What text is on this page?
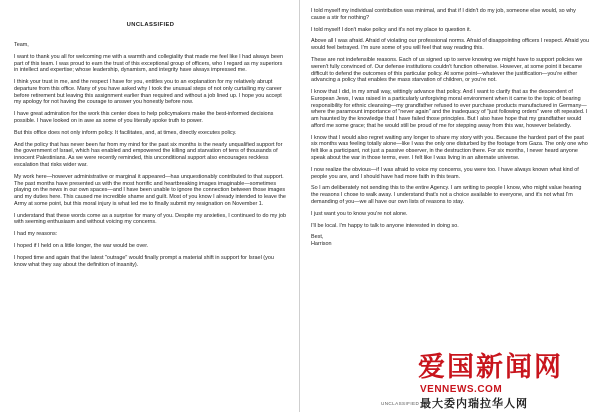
UNCLASSIFIED

Team,

I want to thank you all for welcoming me with a warmth and collegiality that made me feel like I had always been part of this team. I was proud to earn the trust of this exceptional group of officers, who I regard as my superiors in intellect and expertise; whose leadership, dynamism, and integrity have always impressed me.

I think your trust in me, and the respect I have for you, entitles you to an explanation for my relatively abrupt departure from this office. Many of you have asked why I took the unusual steps of not only curtailing my career before retirement but leaving this assignment earlier than required and without a job lined up. I hope you accept my apology for not having the courage to answer you honestly before now.

I have great admiration for the work this center does to help policymakers make the best-informed decisions possible. I have looked on in awe as some of you literally spoke truth to power.

But this office does not only inform policy. It facilitates, and, at times, directly executes policy.

And the policy that has never been far from my mind for the past six months is the nearly unqualified support for the government of Israel, which has enabled and empowered the killing and starvation of tens of thousands of innocent Palestinians. As we were recently reminded, this unconditional support also encourages reckless escalation that risks wider war.

My work here—however administrative or marginal it appeared—has unquestionably contributed to that support. The past months have presented us with the most horrific and heartbreaking images imaginable—sometimes playing on the news in our own spaces—and I have been unable to ignore the connection between those images and my duties here. This caused me incredible shame and guilt. Most of you know I already intended to leave the Army at some point, but this moral injury is what led me to finally submit my resignation on November 1.

I understand that these words come as a surprise for many of you. Despite my anxieties, I continued to do my job with seeming enthusiasm and without voicing my concerns.

I had my reasons:

I hoped if I held on a little longer, the war would be over.

I hoped time and again that the latest "outrage" would finally prompt a material shift in support for Israel (you know what they say about the definition of insanity).

I told myself my individual contribution was minimal, and that if I didn't do my job, someone else would, so why cause a stir for nothing?

I told myself I don't make policy and it's not my place to question it.

Above all I was afraid. Afraid of violating our professional norms. Afraid of disappointing officers I respect. Afraid you would feel betrayed. I'm sure some of you will feel that way reading this.

These are not indefensible reasons. Each of us signed up to serve knowing we might have to support policies we weren't fully convinced of. Our defense institutions couldn't function otherwise. However, at some point it became difficult to defend the outcomes of this particular policy. At some point—whatever the justification—you're either advancing a policy that enables the mass starvation of children, or you're not.

I know that I did, in my small way, wittingly advance that policy. And I want to clarify that as the descendent of European Jews, I was raised in a particularly unforgiving moral environment when it came to the topic of bearing responsibility for ethnic cleansing—my grandfather refused to ever purchase products manufactured in Germany—where the paramount importance of "never again" and the inadequacy of "just following orders" were oft repeated. I am haunted by the knowledge that I have failed those principles. But I also have hope that my grandfather would afford me some grace; that he would still be proud of me for stepping away from this war, however belatedly.

I know that I would also regret waiting any longer to share my story with you. Because the hardest part of the past six months was feeling totally alone—like I was the only one disturbed by the footage from Gaza. The only one who felt like a participant, not just a passive observer, in the destruction there. For six months, I never heard anyone speak about the war in those terms, ever. I felt like I was living in an alternate universe.

I now realize the obvious—if I was afraid to voice my concerns, you were too. I have always known what kind of people you are, and I should have had more faith in this team.

So I am deliberately not sending this to the entire Agency. I am writing to people I know, who might value hearing the reasons I chose to walk away. I understand that's not a choice available to everyone, and it's not what I'm demanding of you—we all have our own lists of reasons to stay.

I just want you to know you're not alone.

I'll be local. I'm happy to talk to anyone interested in doing so.

Best,

Harrison

UNCLASSIFIED
爱国新闻网
VENNEWS.COM
最大委内瑞拉华人网
